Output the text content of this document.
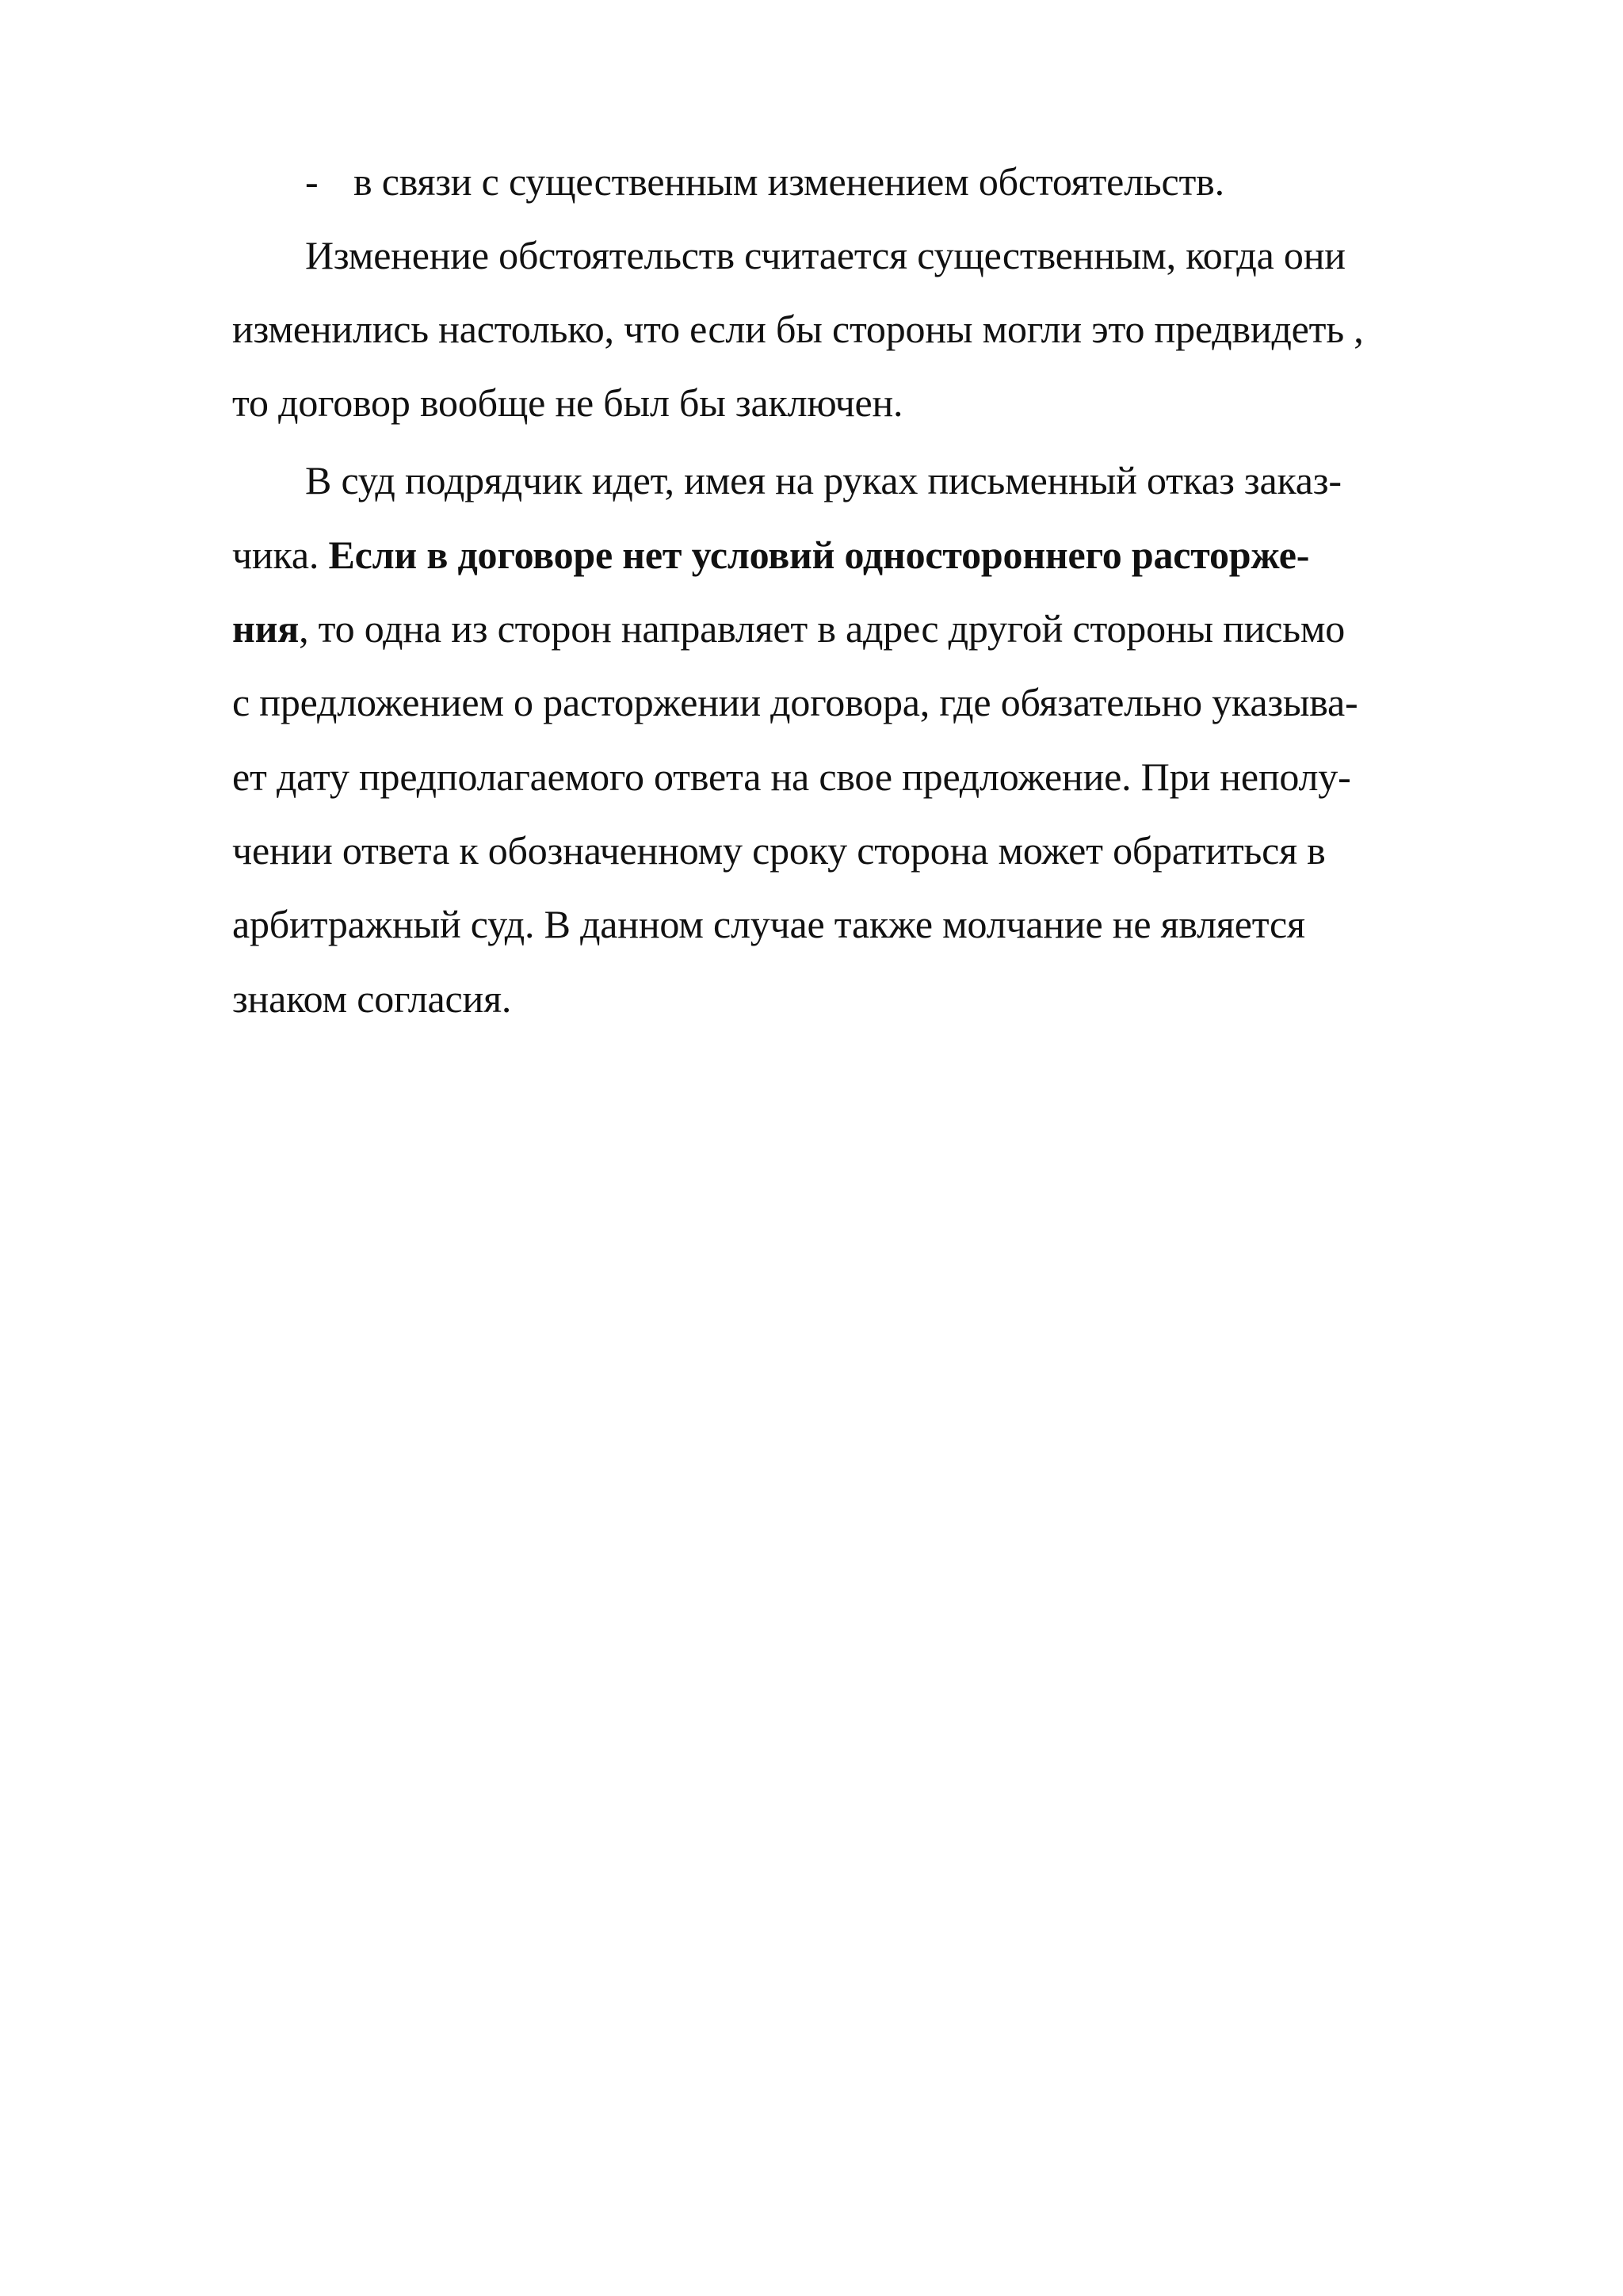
- в связи с существенным изменением обстоятельств.
Изменение обстоятельств считается существенным, когда они
изменились настолько, что если бы стороны могли это предвидеть ,
то договор вообще не был бы заключен.
В суд подрядчик идет, имея на руках письменный отказ заказ-
чика. Если в договоре нет условий одностороннего расторже-
ния, то одна из сторон направляет в адрес другой стороны письмо
с предложением о расторжении договора, где обязательно указыва-
ет дату предполагаемого ответа на свое предложение. При неполу-
чении ответа к обозначенному сроку сторона может обратиться в
арбитражный суд. В данном случае также молчание не является
знаком согласия.
